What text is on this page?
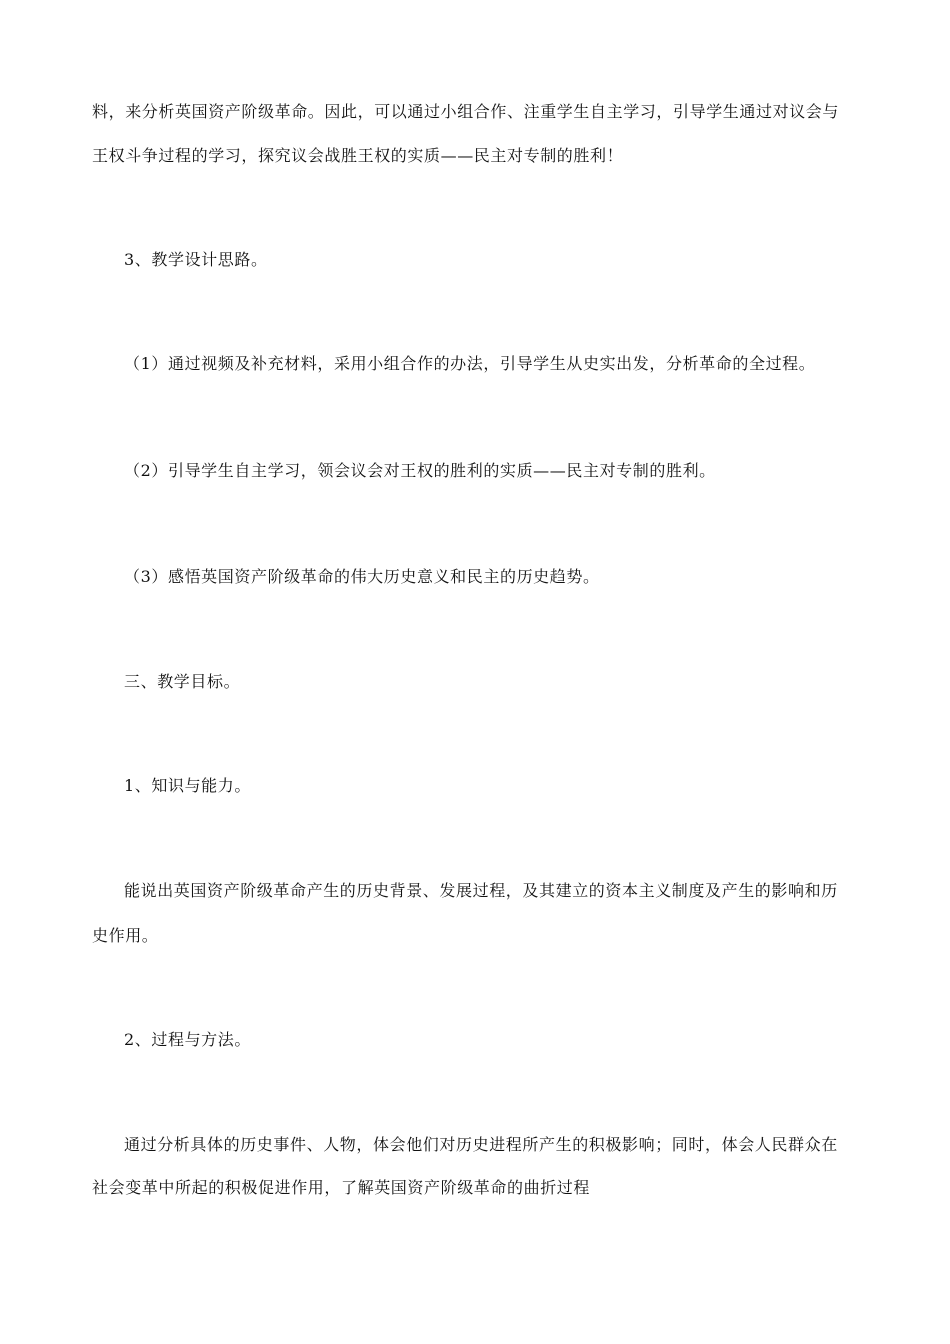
料，来分析英国资产阶级革命。因此，可以通过小组合作、注重学生自主学习，引导学生通过对议会与
王权斗争过程的学习，探究议会战胜王权的实质——民主对专制的胜利！
3、教学设计思路。
（1）通过视频及补充材料，采用小组合作的办法，引导学生从史实出发，分析革命的全过程。
（2）引导学生自主学习，领会议会对王权的胜利的实质——民主对专制的胜利。
（3）感悟英国资产阶级革命的伟大历史意义和民主的历史趋势。
三、教学目标。
1、知识与能力。
能说出英国资产阶级革命产生的历史背景、发展过程，及其建立的资本主义制度及产生的影响和历
史作用。
2、过程与方法。
通过分析具体的历史事件、人物，体会他们对历史进程所产生的积极影响；同时，体会人民群众在
社会变革中所起的积极促进作用，了解英国资产阶级革命的曲折过程
